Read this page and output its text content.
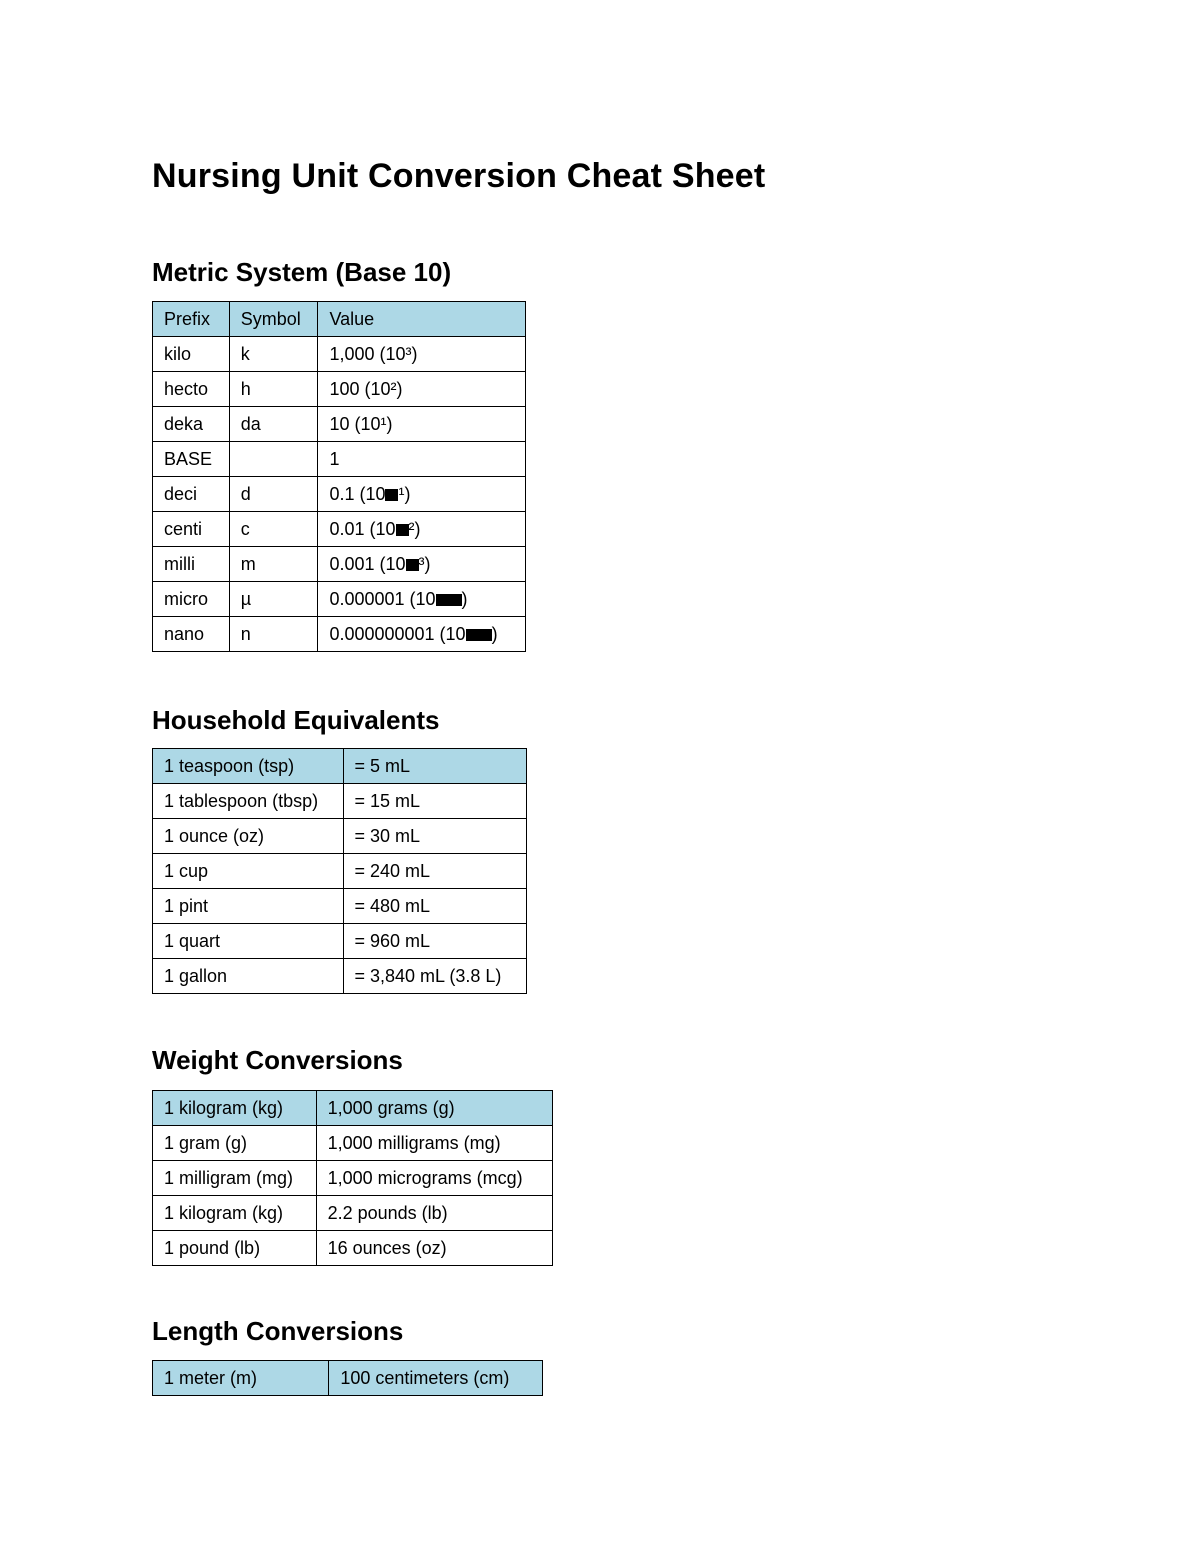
Nursing Unit Conversion Cheat Sheet
Metric System (Base 10)
Prefix	Symbol	Value
kilo	k	1,000 (10³)
hecto	h	100 (10²)
deka	da	10 (10¹)
BASE		1
deci	d	0.1 (10 ¹)
centi	c	0.01 (10 ²)
milli	m	0.001 (10 ³)
micro	µ	0.000001 (10 )
nano	n	0.000000001 (10 )
Household Equivalents
1 teaspoon (tsp)	= 5 mL
1 tablespoon (tbsp)	= 15 mL
1 ounce (oz)	= 30 mL
1 cup	= 240 mL
1 pint	= 480 mL
1 quart	= 960 mL
1 gallon	= 3,840 mL (3.8 L)
Weight Conversions
1 kilogram (kg)	1,000 grams (g)
1 gram (g)	1,000 milligrams (mg)
1 milligram (mg)	1,000 micrograms (mcg)
1 kilogram (kg)	2.2 pounds (lb)
1 pound (lb)	16 ounces (oz)
Length Conversions
1 meter (m)	100 centimeters (cm)
